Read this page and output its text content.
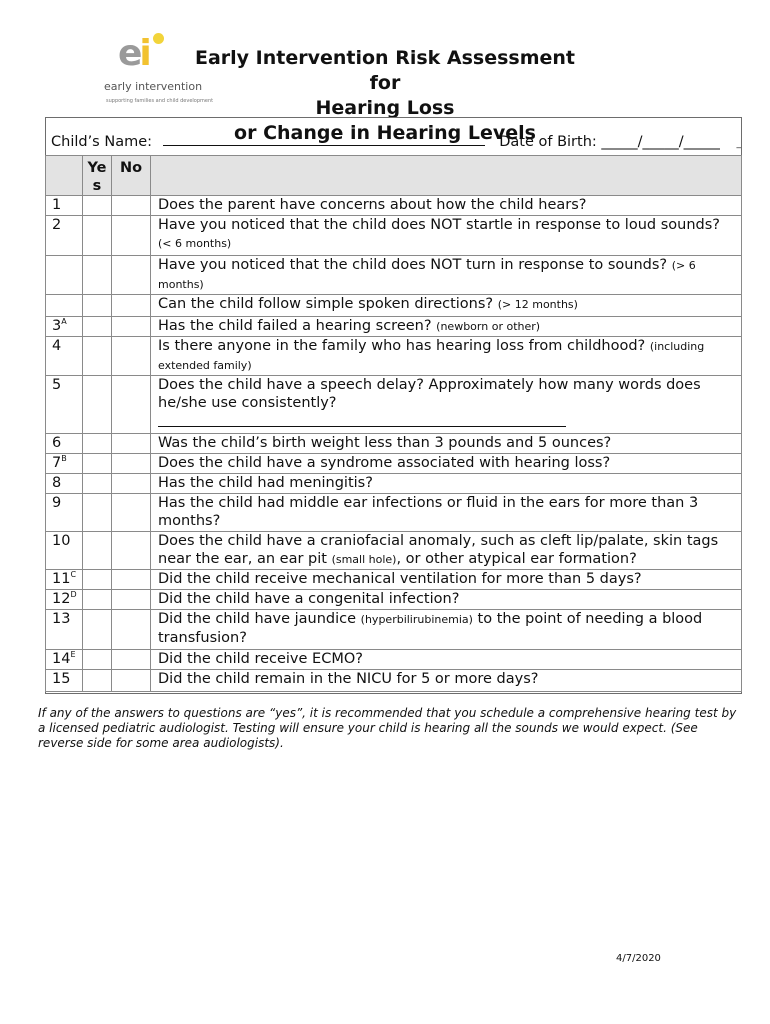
ei
early intervention
supporting families and child development
Early Intervention Risk Assessment for
Hearing Loss
or Change in Hearing Levels
Child’s Name:	Date of Birth: _____/_____/_____ _
	Ye s	No	
1			Does the parent have concerns about how the child hears?
2			Have you noticed that the child does NOT startle in response to loud sounds? (< 6 months)
			Have you noticed that the child does NOT turn in response to sounds? (> 6 months)
			Can the child follow simple spoken directions? (> 12 months)
$3^A$			Has the child failed a hearing screen? (newborn or other)
4			Is there anyone in the family who has hearing loss from childhood? (including extended family)
5			Does the child have a speech delay? Approximately how many words does he/she use consistently?

6			Was the child’s birth weight less than 3 pounds and 5 ounces?
$7^B$			Does the child have a syndrome associated with hearing loss?
8			Has the child had meningitis?
9			Has the child had middle ear infections or fluid in the ears for more than 3 months?
10			Does the child have a craniofacial anomaly, such as cleft lip/palate, skin tags near the ear, an ear pit (small hole), or other atypical ear formation?
$11^C$			Did the child receive mechanical ventilation for more than 5 days?
$12^D$			Did the child have a congenital infection?
13			Did the child have jaundice (hyperbilirubinemia) to the point of needing a blood transfusion?
$14^E$			Did the child receive ECMO?
15			Did the child remain in the NICU for 5 or more days?
If any of the answers to questions are “yes”, it is recommended that you schedule a comprehensive hearing test by a licensed pediatric audiologist. Testing will ensure your child is hearing all the sounds we would expect. (See reverse side for some area audiologists).
4/7/2020
